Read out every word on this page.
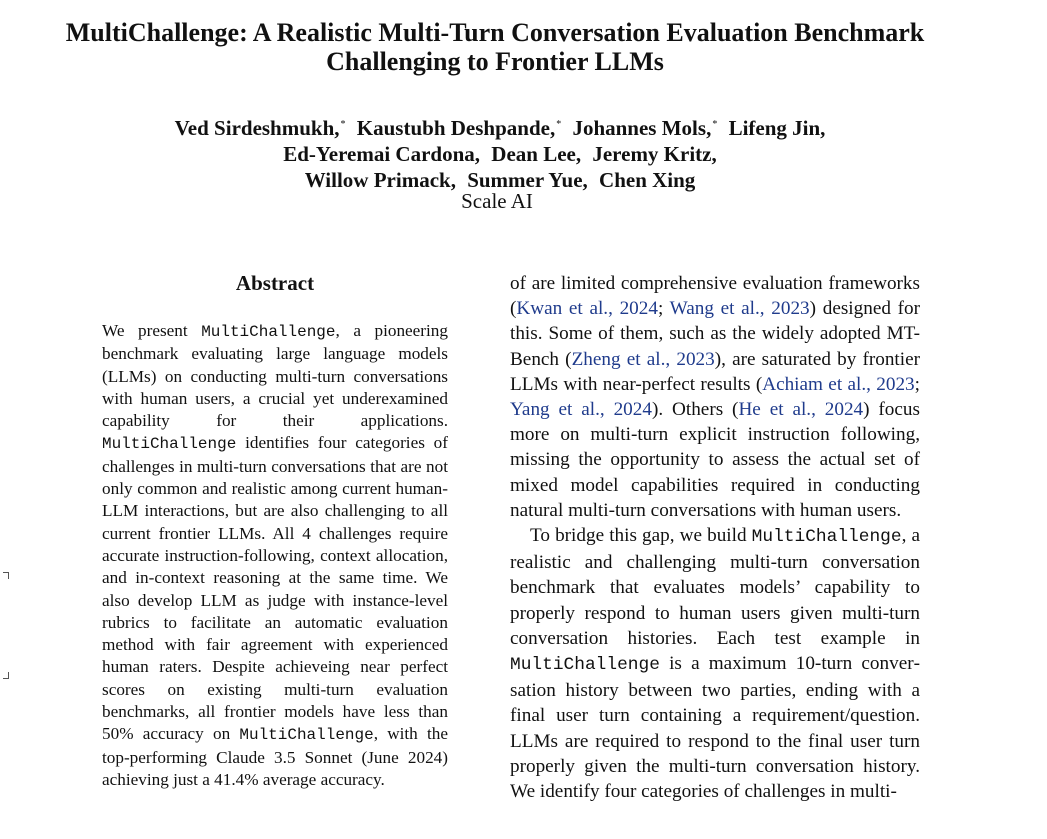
MultiChallenge: A Realistic Multi-Turn Conversation Evaluation Benchmark Challenging to Frontier LLMs
Ved Sirdeshmukh,* Kaustubh Deshpande,* Johannes Mols,* Lifeng Jin,
Ed-Yeremai Cardona, Dean Lee, Jeremy Kritz,
Willow Primack, Summer Yue, Chen Xing
Scale AI
Abstract

We present MultiChallenge, a pioneering benchmark evaluating large language models (LLMs) on conducting multi-turn conversations with human users, a crucial yet underexamined capability for their applications. MultiChallenge identifies four categories of challenges in multi-turn conversations that are not only common and realistic among current human-LLM interactions, but are also challenging to all current frontier LLMs. All 4 challenges require accurate instruction-following, context allocation, and in-context reasoning at the same time. We also develop LLM as judge with instance-level rubrics to facilitate an automatic evaluation method with fair agreement with experienced human raters. Despite achieveing near perfect scores on existing multi-turn evaluation benchmarks, all frontier models have less than 50% accuracy on MultiChallenge, with the top-performing Claude 3.5 Sonnet (June 2024) achieving just a 41.4% average accuracy.

of are limited comprehensive evaluation frameworks (Kwan et al., 2024; Wang et al., 2023) designed for this. Some of them, such as the widely adopted MT-Bench (Zheng et al., 2023), are saturated by frontier LLMs with near-perfect results (Achiam et al., 2023; Yang et al., 2024). Others (He et al., 2024) focus more on multi-turn explicit instruction following, missing the opportunity to assess the actual set of mixed model capabilities required in conducting natural multi-turn conversations with human users.

To bridge this gap, we build MultiChallenge, a realistic and challenging multi-turn conversation benchmark that evaluates models’ capability to properly respond to human users given multi-turn conversation histories. Each test example in MultiChallenge is a maximum 10-turn conversation history between two parties, ending with a final user turn containing a requirement/question. LLMs are required to respond to the final user turn properly given the multi-turn conversation history. We identify four categories of challenges in multi-
